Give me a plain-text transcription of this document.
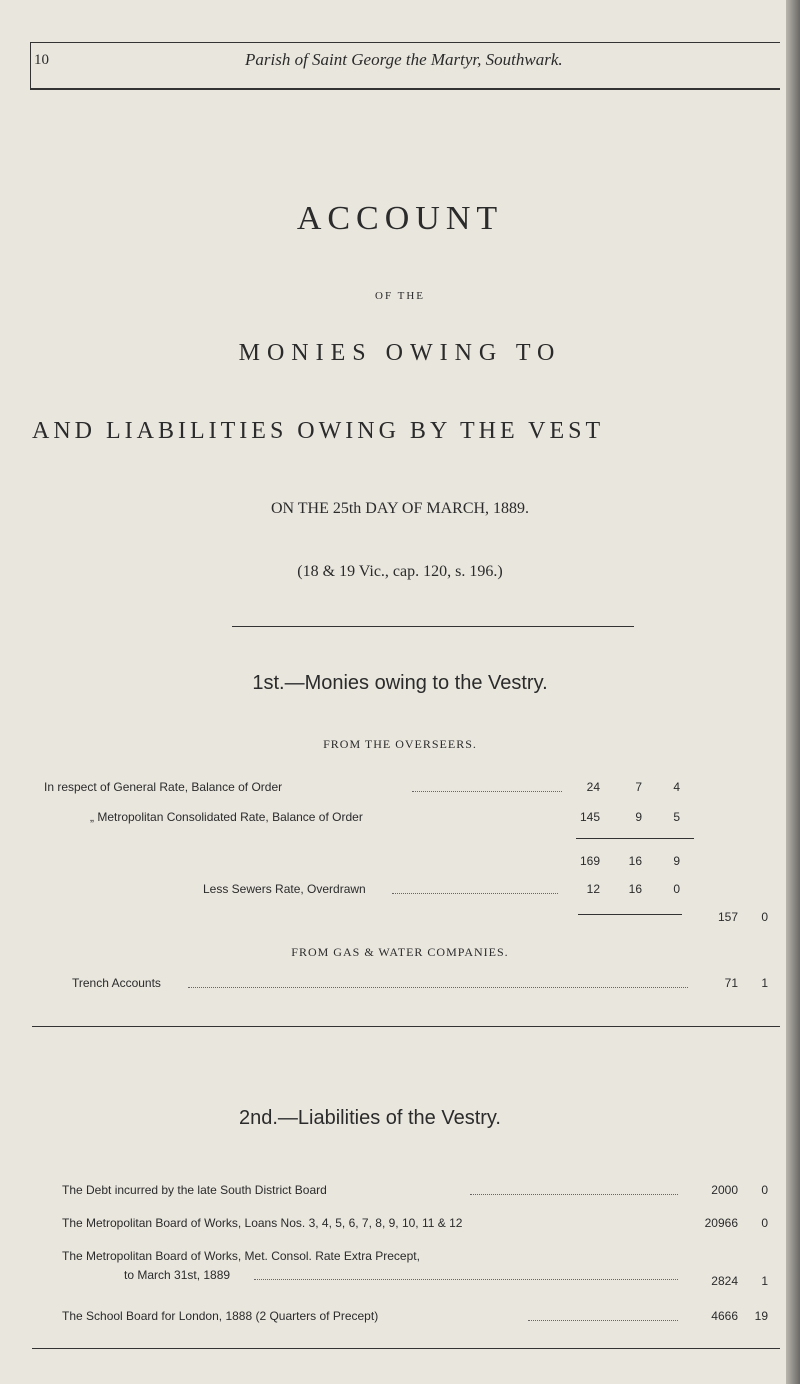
10	Parish of Saint George the Martyr, Southwark.
ACCOUNT
OF THE
MONIES OWING TO
AND LIABILITIES OWING BY THE VEST
ON THE 25th DAY OF MARCH, 1889.
(18 & 19 Vic., cap. 120, s. 196.)
1st.—Monies owing to the Vestry.
FROM THE OVERSEERS.
In respect of General Rate, Balance of Order	24	7	4
„ Metropolitan Consolidated Rate, Balance of Order	145	9	5
169	16	9
Less Sewers Rate, Overdrawn	12	16	0
157	0
FROM GAS & WATER COMPANIES.
Trench Accounts	71	1
2nd.—Liabilities of the Vestry.
The Debt incurred by the late South District Board	2000	0
The Metropolitan Board of Works, Loans Nos. 3, 4, 5, 6, 7, 8, 9, 10, 11 & 12	20966	0
The Metropolitan Board of Works, Met. Consol. Rate Extra Precept,
to March 31st, 1889	2824	1
The School Board for London, 1888 (2 Quarters of Precept)	4666	19
